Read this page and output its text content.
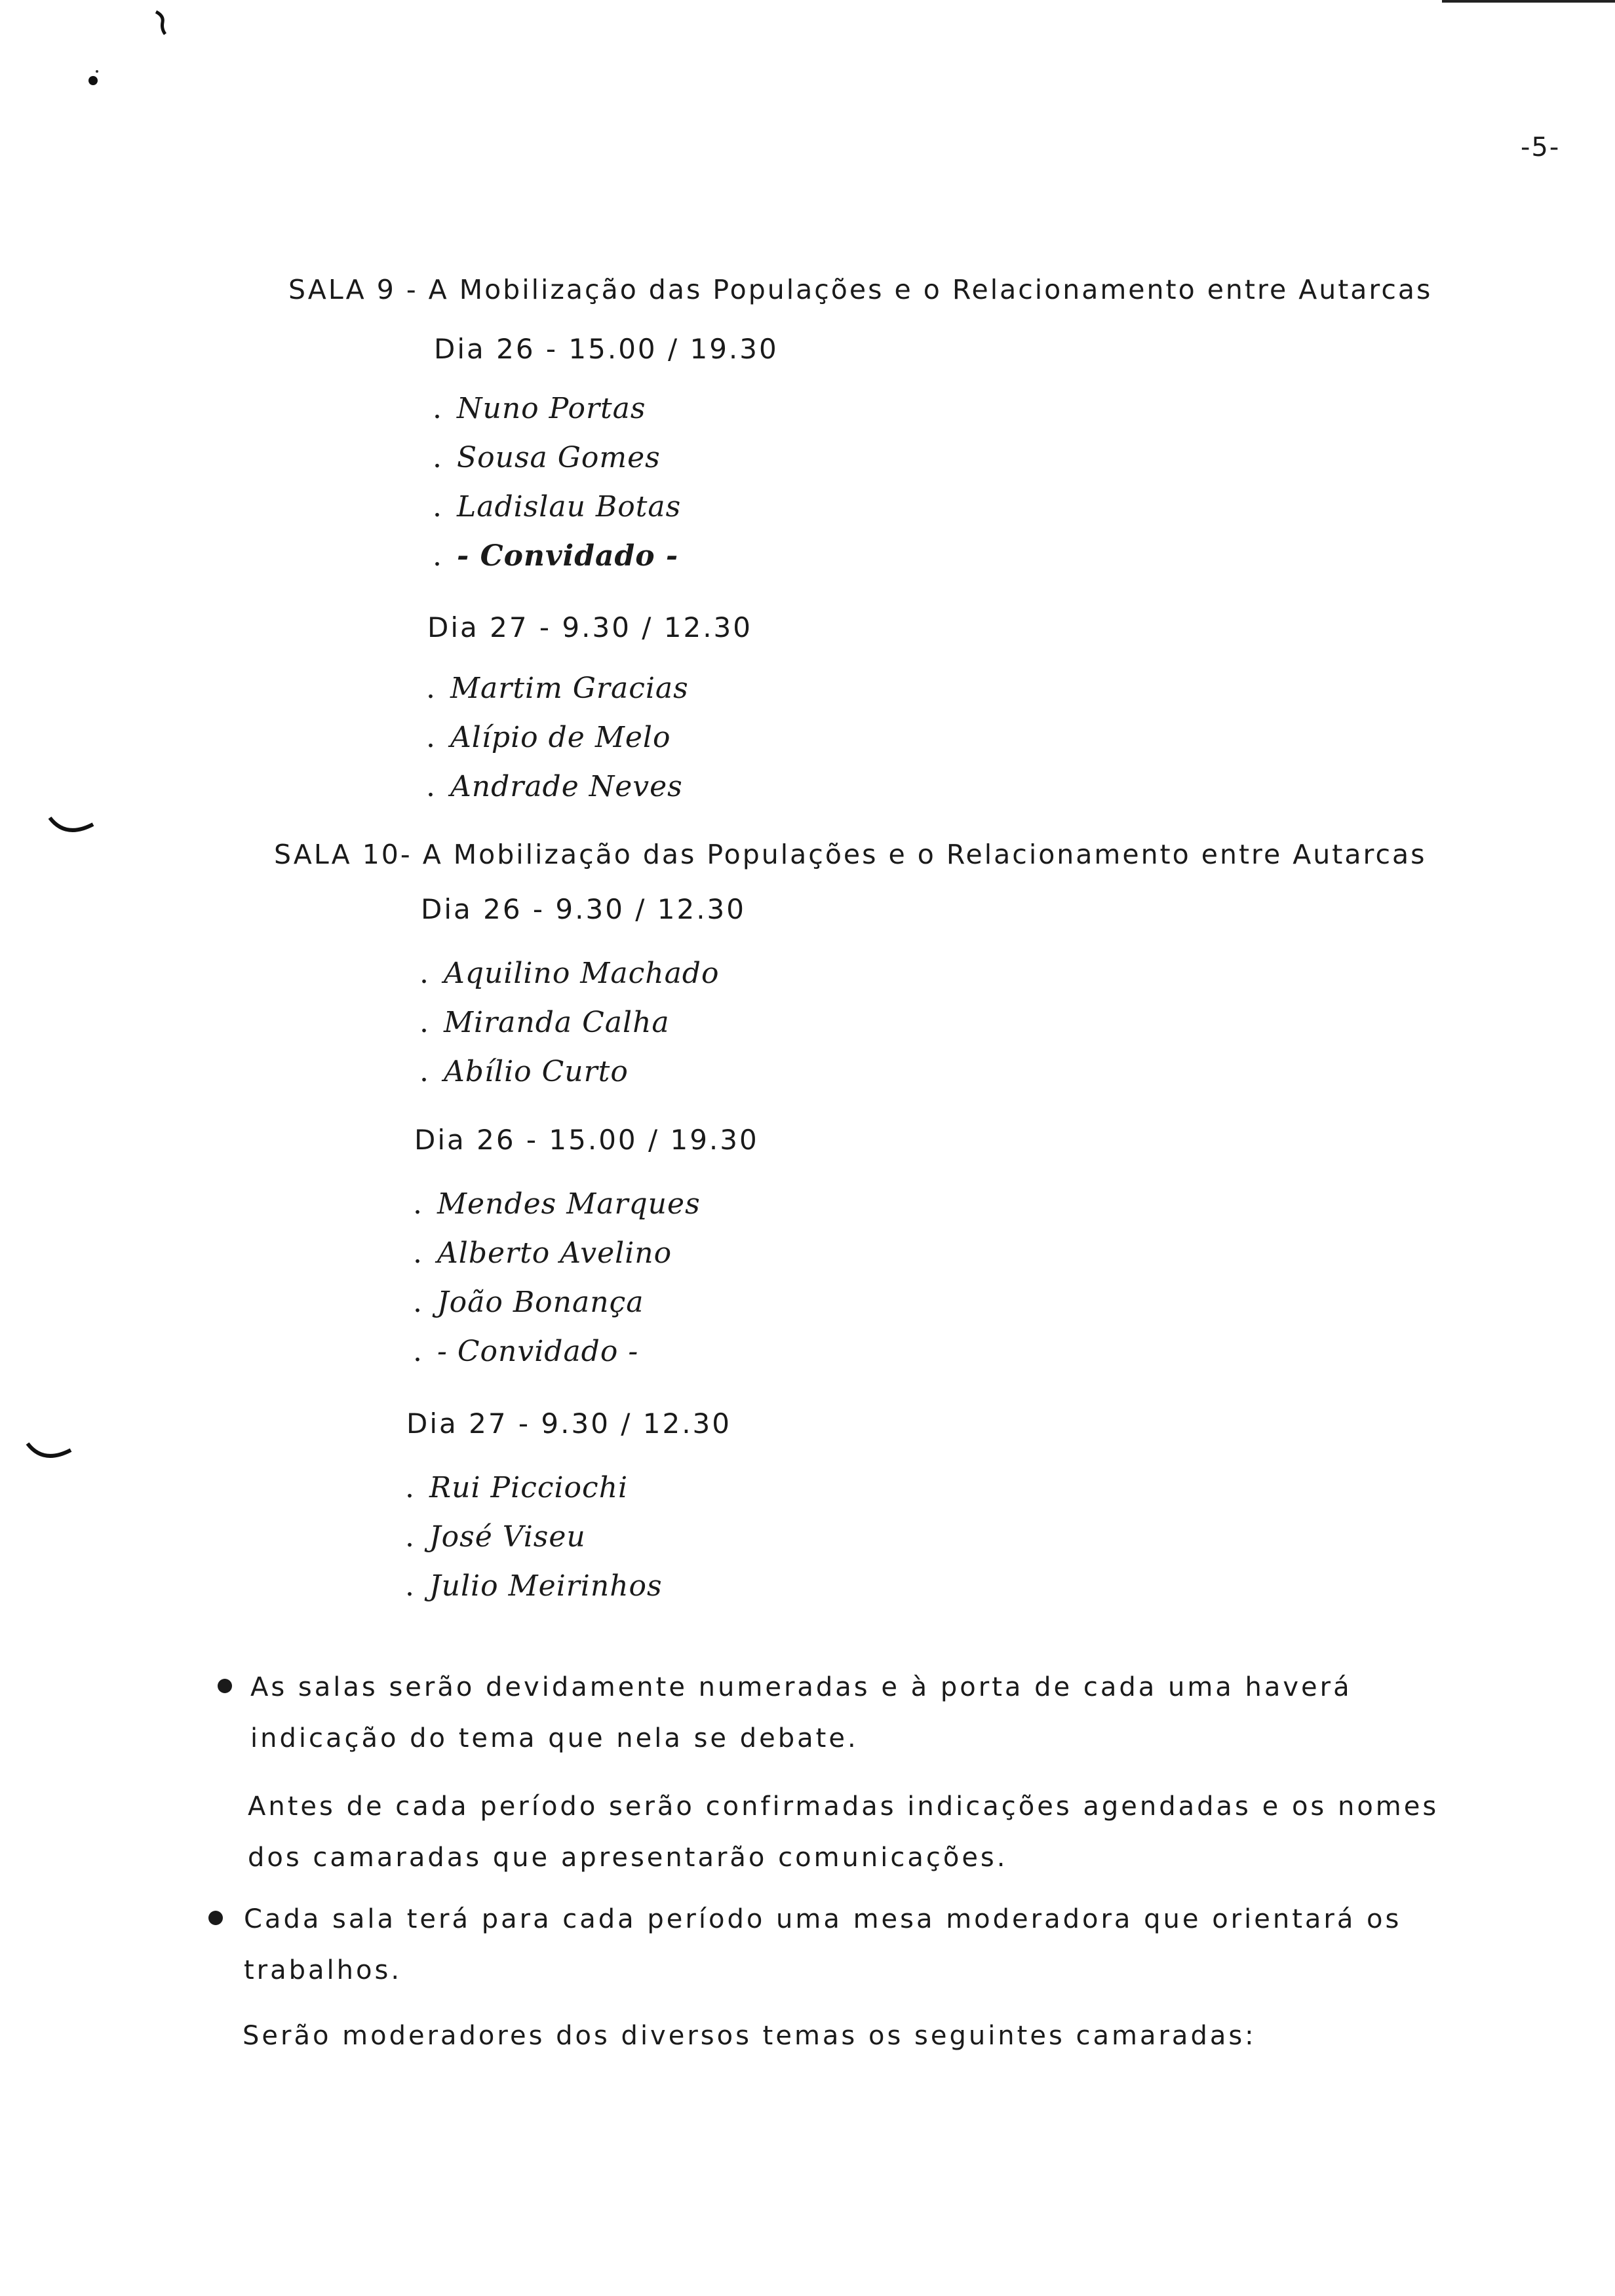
-5-
SALA 9 - A Mobilização das Populações e o Relacionamento entre Autarcas
Dia 26 - 15.00 / 19.30
. Nuno Portas
. Sousa Gomes
. Ladislau Botas
. - Convidado -
Dia 27 - 9.30 / 12.30
. Martim Gracias
. Alípio de Melo
. Andrade Neves
SALA 10- A Mobilização das Populações e o Relacionamento entre Autarcas
Dia 26 - 9.30 / 12.30
. Aquilino Machado
. Miranda Calha
. Abílio Curto
Dia 26 - 15.00 / 19.30
. Mendes Marques
. Alberto Avelino
. João Bonança
. - Convidado -
Dia 27 - 9.30 / 12.30
. Rui Picciochi
. José Viseu
. Julio Meirinhos
As salas serão devidamente numeradas e à porta de cada uma haverá indicação do tema que nela se debate.
Antes de cada período serão confirmadas indicações agendadas e os nomes dos camaradas que apresentarão comunicações.
Cada sala terá para cada período uma mesa moderadora que orientará os trabalhos.
Serão moderadores dos diversos temas os seguintes camaradas:
